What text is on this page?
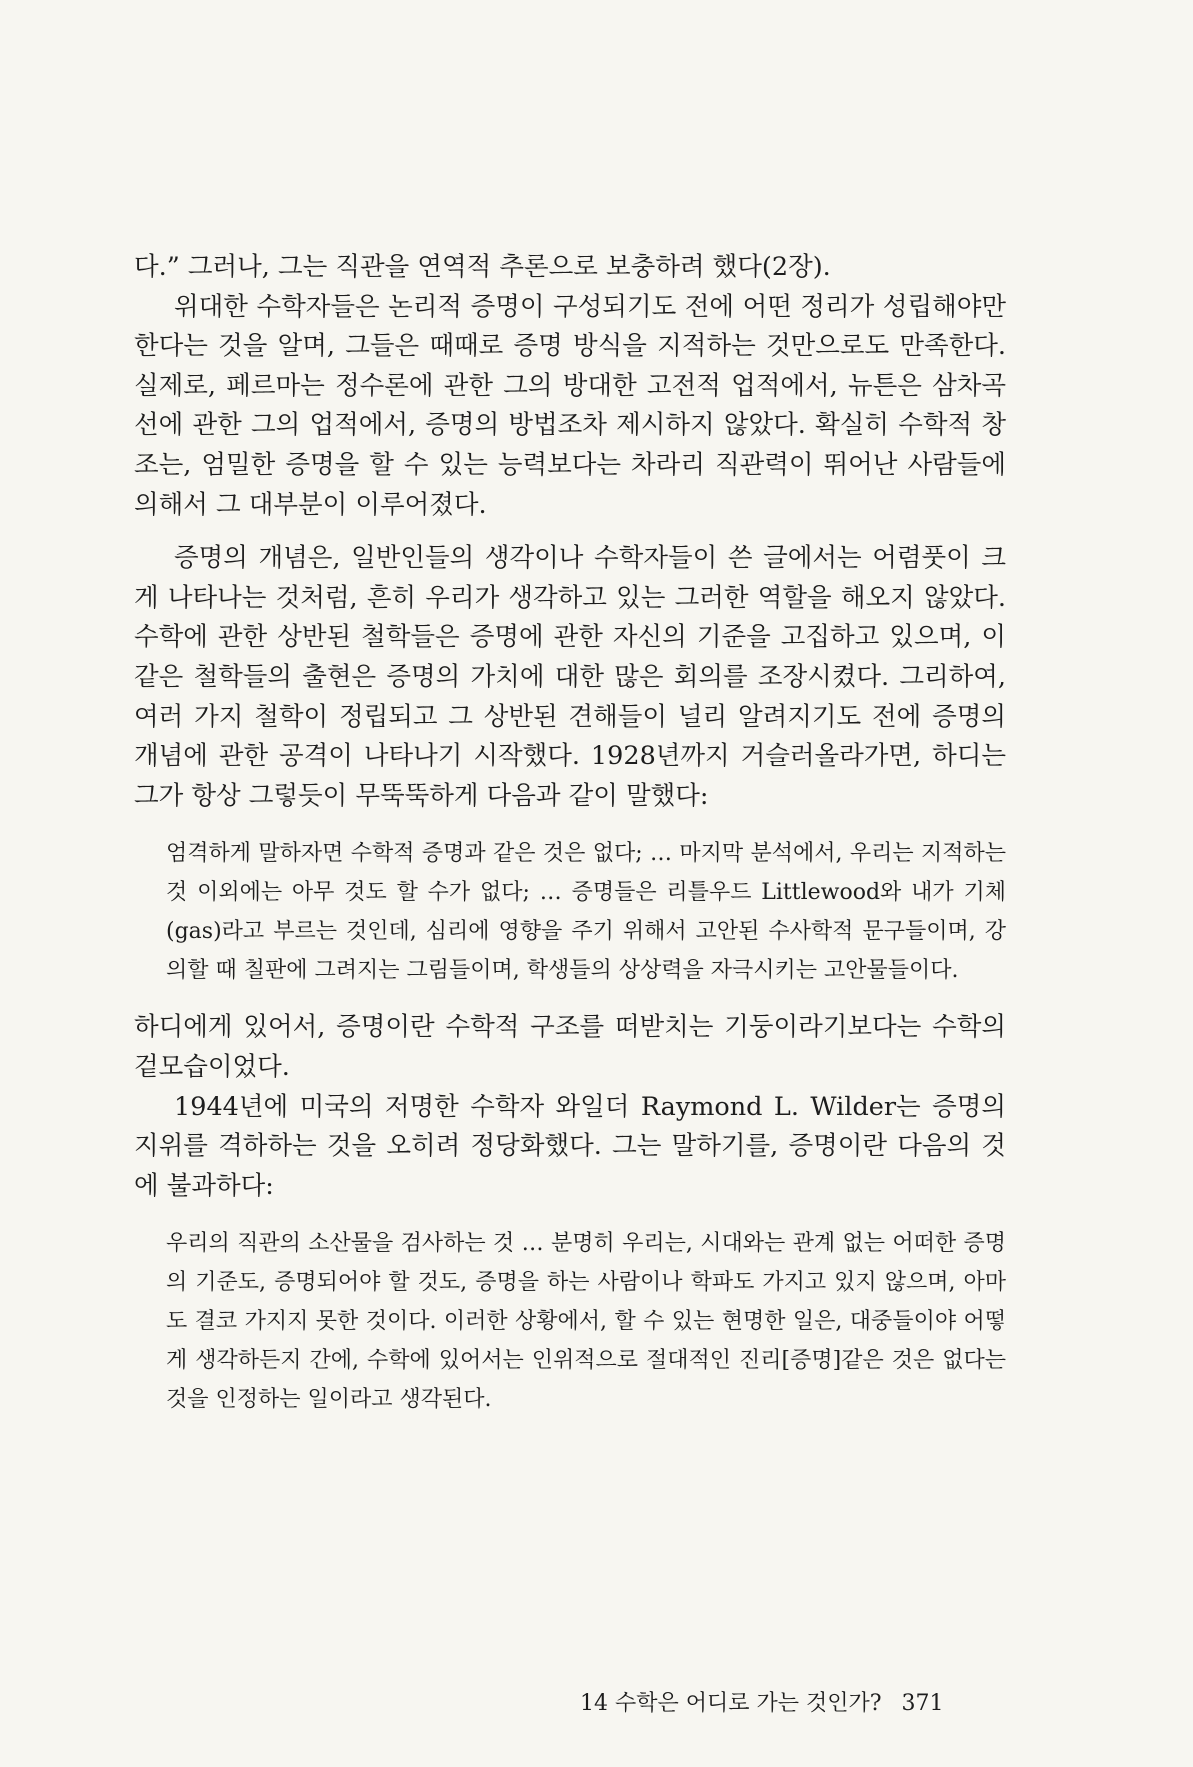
다.” 그러나, 그는 직관을 연역적 추론으로 보충하려 했다(2장).

위대한 수학자들은 논리적 증명이 구성되기도 전에 어떤 정리가 성립해야만 한다는 것을 알며, 그들은 때때로 증명 방식을 지적하는 것만으로도 만족한다. 실제로, 페르마는 정수론에 관한 그의 방대한 고전적 업적에서, 뉴튼은 삼차곡선에 관한 그의 업적에서, 증명의 방법조차 제시하지 않았다. 확실히 수학적 창조는, 엄밀한 증명을 할 수 있는 능력보다는 차라리 직관력이 뛰어난 사람들에 의해서 그 대부분이 이루어졌다.

증명의 개념은, 일반인들의 생각이나 수학자들이 쓴 글에서는 어렴풋이 크게 나타나는 것처럼, 흔히 우리가 생각하고 있는 그러한 역할을 해오지 않았다. 수학에 관한 상반된 철학들은 증명에 관한 자신의 기준을 고집하고 있으며, 이같은 철학들의 출현은 증명의 가치에 대한 많은 회의를 조장시켰다. 그리하여, 여러 가지 철학이 정립되고 그 상반된 견해들이 널리 알려지기도 전에 증명의 개념에 관한 공격이 나타나기 시작했다. 1928년까지 거슬러올라가면, 하디는 그가 항상 그렇듯이 무뚝뚝하게 다음과 같이 말했다:

엄격하게 말하자면 수학적 증명과 같은 것은 없다; … 마지막 분석에서, 우리는 지적하는 것 이외에는 아무 것도 할 수가 없다; … 증명들은 리틀우드 Littlewood와 내가 기체(gas)라고 부르는 것인데, 심리에 영향을 주기 위해서 고안된 수사학적 문구들이며, 강의할 때 칠판에 그려지는 그림들이며, 학생들의 상상력을 자극시키는 고안물들이다.

하디에게 있어서, 증명이란 수학적 구조를 떠받치는 기둥이라기보다는 수학의 겉모습이었다.

1944년에 미국의 저명한 수학자 와일더 Raymond L. Wilder는 증명의 지위를 격하하는 것을 오히려 정당화했다. 그는 말하기를, 증명이란 다음의 것에 불과하다:

우리의 직관의 소산물을 검사하는 것 … 분명히 우리는, 시대와는 관계 없는 어떠한 증명의 기준도, 증명되어야 할 것도, 증명을 하는 사람이나 학파도 가지고 있지 않으며, 아마도 결코 가지지 못한 것이다. 이러한 상황에서, 할 수 있는 현명한 일은, 대중들이야 어떻게 생각하든지 간에, 수학에 있어서는 인위적으로 절대적인 진리[증명]같은 것은 없다는 것을 인정하는 일이라고 생각된다.

14 수학은 어디로 가는 것인가? 371
